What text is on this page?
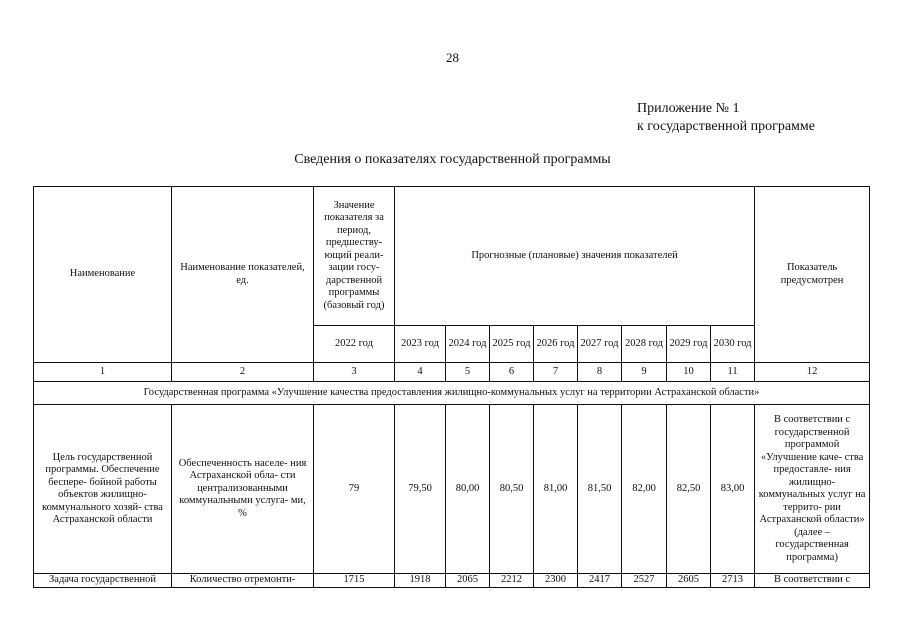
28
Приложение № 1
к государственной программе
Сведения о показателях государственной программы
Наименование	Наименование показателей, ед.	Значение показателя за период, предшеству- ющий реали- зации госу- дарственной программы (базовый год)	Прогнозные (плановые) значения показателей								Показатель предусмотрен
		2022 год	2023 год	2024 год	2025 год	2026 год	2027 год	2028 год	2029 год	2030 год	
1	2	3	4	5	6	7	8	9	10	11	12
Государственная программа «Улучшение качества предоставления жилищно-коммунальных услуг на территории Астраханской области»											
Цель государственной программы. Обеспечение беспере- бойной работы объектов жилищно- коммунального хозяй- ства Астраханской области	Обеспеченность населе- ния Астраханской обла- сти централизованными коммунальными услуга- ми, %	79	79,50	80,00	80,50	81,00	81,50	82,00	82,50	83,00	В соответствии с государственной программой «Улучшение каче- ства предоставле- ния жилищно- коммунальных услуг на террито- рии Астраханской области» (далее – государственная программа)
Задача государственной	Количество отремонти-	1715	1918	2065	2212	2300	2417	2527	2605	2713	В соответствии с
